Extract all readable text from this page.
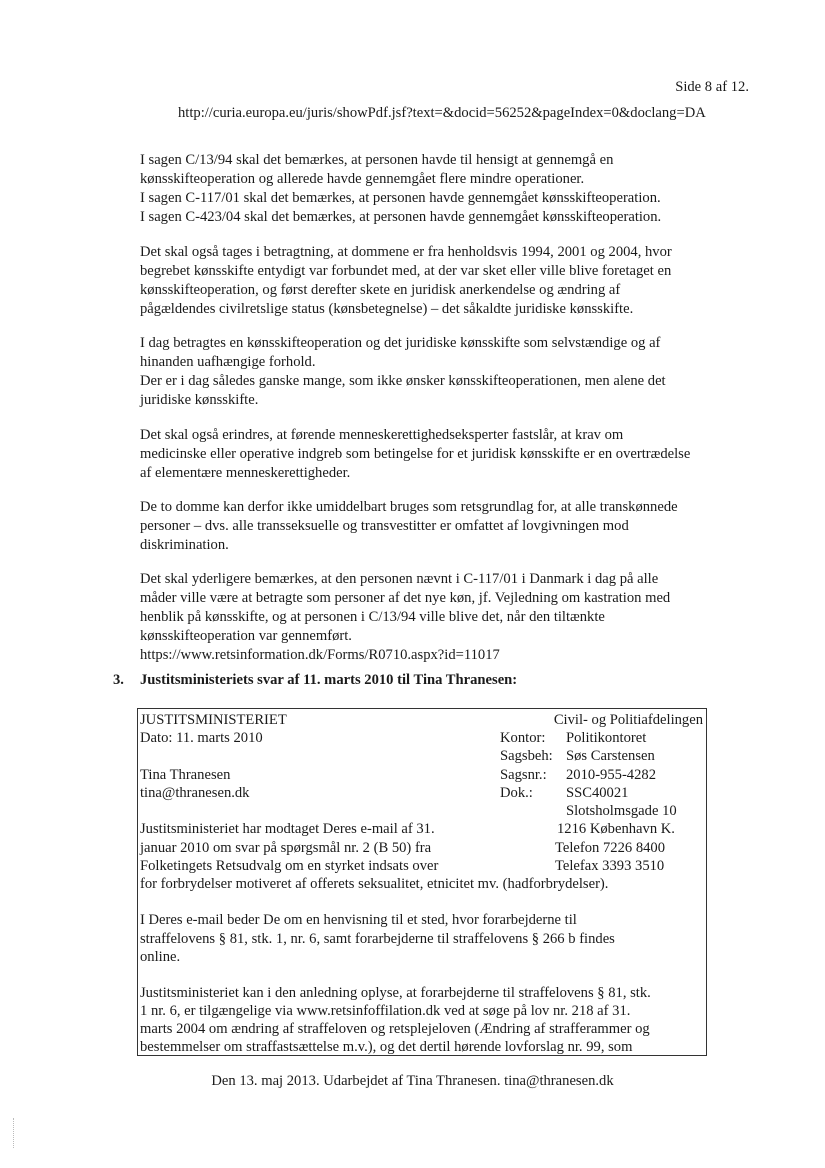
Side 8 af 12.
http://curia.europa.eu/juris/showPdf.jsf?text=&docid=56252&pageIndex=0&doclang=DA

I sagen C/13/94 skal det bemærkes, at personen havde til hensigt at gennemgå en

kønsskifteoperation og allerede havde gennemgået flere mindre operationer.

I sagen C-117/01 skal det bemærkes, at personen havde gennemgået kønsskifteoperation.

I sagen C-423/04 skal det bemærkes, at personen havde gennemgået kønsskifteoperation.

Det skal også tages i betragtning, at dommene er fra henholdsvis 1994, 2001 og 2004, hvor

begrebet kønsskifte entydigt var forbundet med, at der var sket eller ville blive foretaget en

kønsskifteoperation, og først derefter skete en juridisk anerkendelse og ændring af

pågældendes civilretslige status (kønsbetegnelse) – det såkaldte juridiske kønsskifte.

I dag betragtes en kønsskifteoperation og det juridiske kønsskifte som selvstændige og af

hinanden uafhængige forhold.

Der er i dag således ganske mange, som ikke ønsker kønsskifteoperationen, men alene det

juridiske kønsskifte.

Det skal også erindres, at førende menneskerettighedseksperter fastslår, at krav om

medicinske eller operative indgreb som betingelse for et juridisk kønsskifte er en overtrædelse

af elementære menneskerettigheder.

De to domme kan derfor ikke umiddelbart bruges som retsgrundlag for, at alle transkønnede

personer – dvs. alle transseksuelle og transvestitter er omfattet af lovgivningen mod

diskrimination.

Det skal yderligere bemærkes, at den personen nævnt i C-117/01 i Danmark i dag på alle

måder ville være at betragte som personer af det nye køn, jf. Vejledning om kastration med

henblik på kønsskifte, og at personen i C/13/94 ville blive det, når den tiltænkte

kønsskifteoperation var gennemført.

https://www.retsinformation.dk/Forms/R0710.aspx?id=11017

3. Justitsministeriets svar af 11. marts 2010 til Tina Thranesen:
JUSTITSMINISTERIET	Civil- og Politiafdelingen
Dato: 11. marts 2010	Kontor: Politikontoret
Sagsbeh: Søs Carstensen
Sagsnr.: 2010-955-4282
Dok.: SSC40021
Tina Thranesen
tina@thranesen.dk
Slotsholmsgade 10
1216 København K.
Telefon 7226 8400
Telefax 3393 3510
Justitsministeriet har modtaget Deres e-mail af 31.
januar 2010 om svar på spørgsmål nr. 2 (B 50) fra
Folketingets Retsudvalg om en styrket indsats over
for forbrydelser motiveret af offerets seksualitet, etnicitet mv. (hadforbrydelser).
I Deres e-mail beder De om en henvisning til et sted, hvor forarbejderne til
straffelovens § 81, stk. 1, nr. 6, samt forarbejderne til straffelovens § 266 b findes
online.
Justitsministeriet kan i den anledning oplyse, at forarbejderne til straffelovens § 81, stk.
1 nr. 6, er tilgængelige via www.retsinfoffilation.dk ved at søge på lov nr. 218 af 31.
marts 2004 om ændring af straffeloven og retsplejeloven (Ændring af strafferammer og
bestemmelser om straffastsættelse m.v.), og det dertil hørende lovforslag nr. 99, som
Den 13. maj 2013. Udarbejdet af Tina Thranesen. tina@thranesen.dk
